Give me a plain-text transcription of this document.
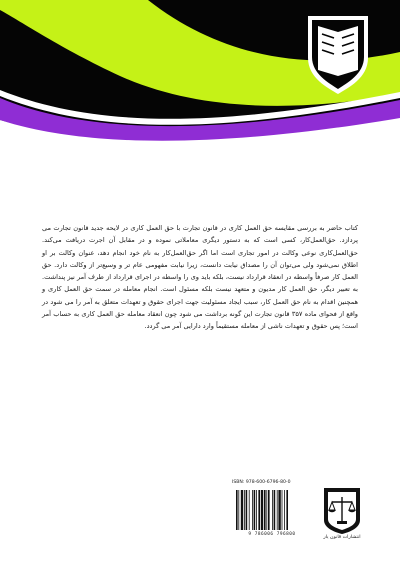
کتاب حاضر به بررسی مقایسه حق العمل کاری در قانون تجارت با حق العمل کاری در لایحه جدید قانون تجارت می پردازد. حق‌العمل‌کار، کسی است که به دستور دیگری معاملاتی نموده و در مقابل آن اجرت دریافت می‌کند. حق‌العمل‌کاری نوعی وکالت در امور تجاری است اما اگر حق‌العمل‌کار به نام خود انجام دهد، عنوان وکالت بر او اطلاق نمی‌شود ولی می‌توان آن را مصداق نیابت دانست، زیرا نیابت مفهومی عام تر و وسیع‌تر از وکالت دارد. حق العمل کار صرفاً واسطه در انعقاد قرارداد نیست، بلکه باید وی را واسطه در اجرای قرارداد از طرف آمر نیز پنداشت. به تعبیر دیگر، حق العمل کار مدیون و متعهد نیست بلکه مسئول است. انجام معامله در سمت حق العمل کاری و همچنین اقدام به نام حق العمل کار، سبب ایجاد مسئولیت جهت اجرای حقوق و تعهدات متعلق به آمر را می شود در واقع از فحوای ماده ۳۵۷ قانون تجارت این گونه برداشت می شود چون انعقاد معامله حق العمل کاری به حساب آمر است؛ پس حقوق و تعهدات ناشی از معامله مستقیماً وارد دارایی آمر می گردد.
ISBN: 978-600-6796-80-0
9 786006 796800
انتشارات قانون یار
